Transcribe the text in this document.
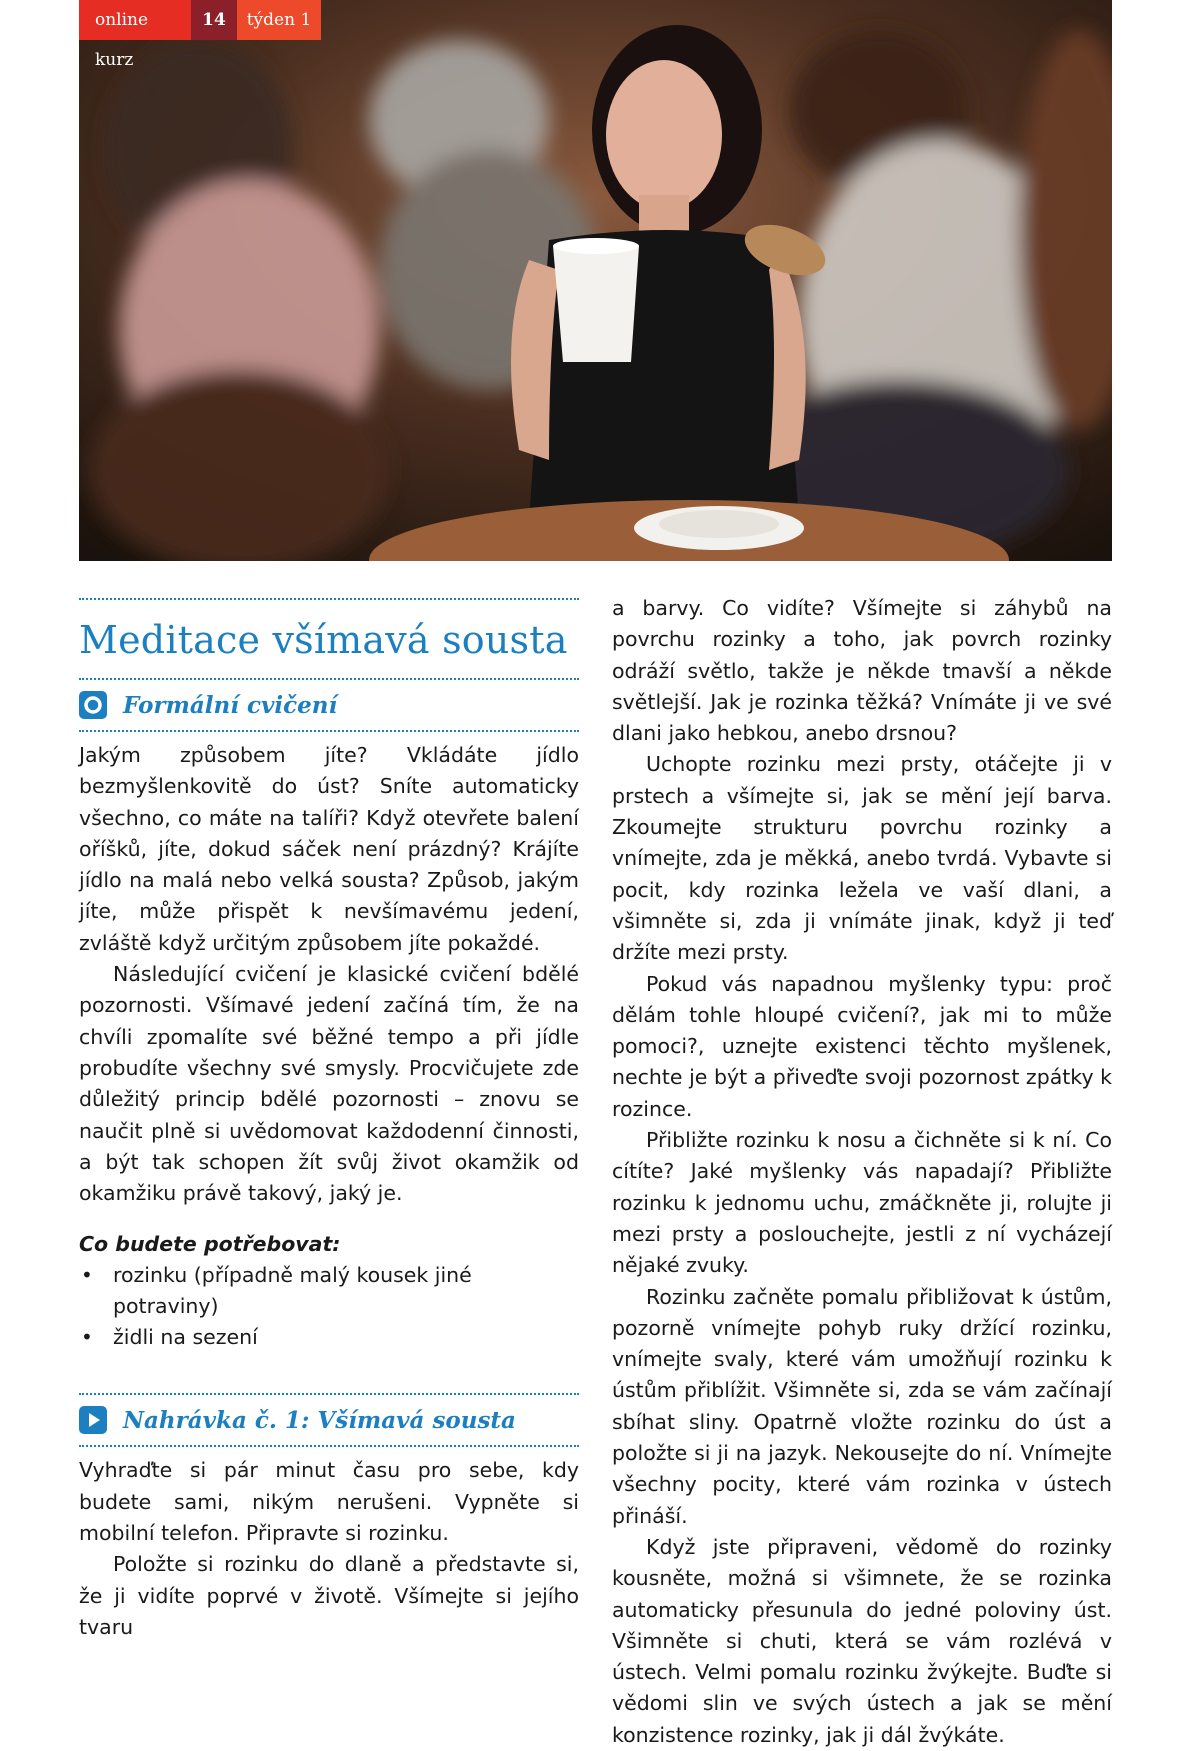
online kurz
14	týden 1
Meditace všímavá sousta
Formální cvičení

Jakým způsobem jíte? Vkládáte jídlo bezmyšlenkovitě do úst? Sníte automaticky všechno, co máte na talíři? Když otevřete balení oříšků, jíte, dokud sáček není prázdný? Krájíte jídlo na malá nebo velká sousta? Způsob, jakým jíte, může přispět k nevšímavému jedení, zvláště když určitým způsobem jíte pokaždé.

Následující cvičení je klasické cvičení bdělé pozornosti. Všímavé jedení začíná tím, že na chvíli zpomalíte své běžné tempo a při jídle probudíte všechny své smysly. Procvičujete zde důležitý princip bdělé pozornosti – znovu se naučit plně si uvědomovat každodenní činnosti, a být tak schopen žít svůj život okamžik od okamžiku právě takový, jaký je.

Co budete potřebovat:
• rozinku (případně malý kousek jiné potraviny)
• židli na sezení
Nahrávka č. 1: Všímavá sousta

Vyhraďte si pár minut času pro sebe, kdy budete sami, nikým nerušeni. Vypněte si mobilní telefon. Připravte si rozinku.

Položte si rozinku do dlaně a představte si, že ji vidíte poprvé v životě. Všímejte si jejího tvaru

a barvy. Co vidíte? Všímejte si záhybů na povrchu rozinky a toho, jak povrch rozinky odráží světlo, takže je někde tmavší a někde světlejší. Jak je rozinka těžká? Vnímáte ji ve své dlani jako hebkou, anebo drsnou?

Uchopte rozinku mezi prsty, otáčejte ji v prstech a všímejte si, jak se mění její barva. Zkoumejte strukturu povrchu rozinky a vnímejte, zda je měkká, anebo tvrdá. Vybavte si pocit, kdy rozinka ležela ve vaší dlani, a všimněte si, zda ji vnímáte jinak, když ji teď držíte mezi prsty.

Pokud vás napadnou myšlenky typu: proč dělám tohle hloupé cvičení?, jak mi to může pomoci?, uznejte existenci těchto myšlenek, nechte je být a přiveďte svoji pozornost zpátky k rozince.

Přibližte rozinku k nosu a čichněte si k ní. Co cítíte? Jaké myšlenky vás napadají? Přibližte rozinku k jednomu uchu, zmáčkněte ji, rolujte ji mezi prsty a poslouchejte, jestli z ní vycházejí nějaké zvuky.

Rozinku začněte pomalu přibližovat k ústům, pozorně vnímejte pohyb ruky držící rozinku, vnímejte svaly, které vám umožňují rozinku k ústům přiblížit. Všimněte si, zda se vám začínají sbíhat sliny. Opatrně vložte rozinku do úst a položte si ji na jazyk. Nekousejte do ní. Vnímejte všechny pocity, které vám rozinka v ústech přináší.

Když jste připraveni, vědomě do rozinky kousněte, možná si všimnete, že se rozinka automaticky přesunula do jedné poloviny úst. Všimněte si chuti, která se vám rozlévá v ústech. Velmi pomalu rozinku žvýkejte. Buďte si vědomi slin ve svých ústech a jak se mění konzistence rozinky, jak ji dál žvýkáte.
